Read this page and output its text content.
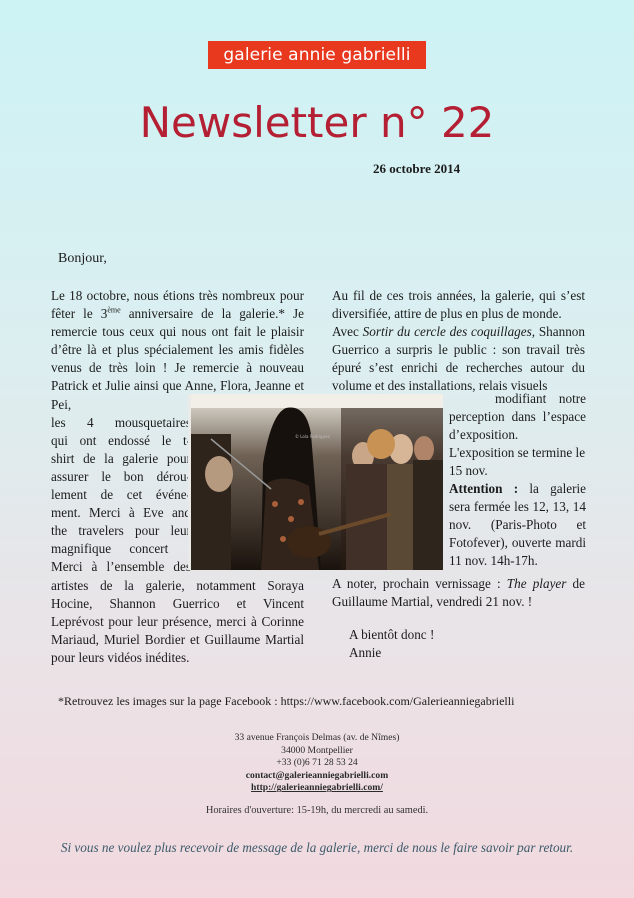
galerie annie gabrielli
Newsletter n° 22
26 octobre 2014
Bonjour,

Le 18 octobre, nous étions très nombreux pour fêter le 3ème anniversaire de la galerie.* Je remercie tous ceux qui nous ont fait le plaisir d’être là et plus spécialement les amis fidèles venus de très loin ! Je remercie à nouveau Patrick et Julie ainsi que Anne, Flora, Jeanne et Pei,

les 4 mousquetaires
qui ont endossé le t-
shirt de la galerie pour
assurer le bon dérou-
lement de cet événe-
ment. Merci à Eve and
the travelers pour leur
magnifique concert !
Merci à l’ensemble des

artistes de la galerie, notamment Soraya Hocine, Shannon Guerrico et Vincent Leprévost pour leur présence, merci à Corinne Mariaud, Muriel Bordier et Guillaume Martial pour leurs vidéos inédites.

Au fil de ces trois années, la galerie, qui s’est diversifiée, attire de plus en plus de monde.

Avec Sortir du cercle des coquillages, Shannon Guerrico a surpris le public : son travail très épuré s’est enrichi de recherches autour du volume et des installations, relais visuels

© Lola Rodriguez

modifiant notre perception dans l’espace d’exposition.

L'exposition se termine le 15 nov.

Attention : la galerie sera fermée les 12, 13, 14 nov. (Paris-Photo et Fotofever), ouverte mardi 11 nov. 14h-17h.

A noter, prochain vernissage : The player de Guillaume Martial, vendredi 21 nov. !

A bientôt donc !
Annie
*Retrouvez les images sur la page Facebook : https://www.facebook.com/Galerieanniegabrielli
33 avenue François Delmas (av. de Nîmes)
34000 Montpellier
+33 (0)6 71 28 53 24
contact@galerieanniegabrielli.com
http://galerieanniegabrielli.com/
Horaires d'ouverture: 15-19h, du mercredi au samedi.
Si vous ne voulez plus recevoir de message de la galerie, merci de nous le faire savoir par retour.
